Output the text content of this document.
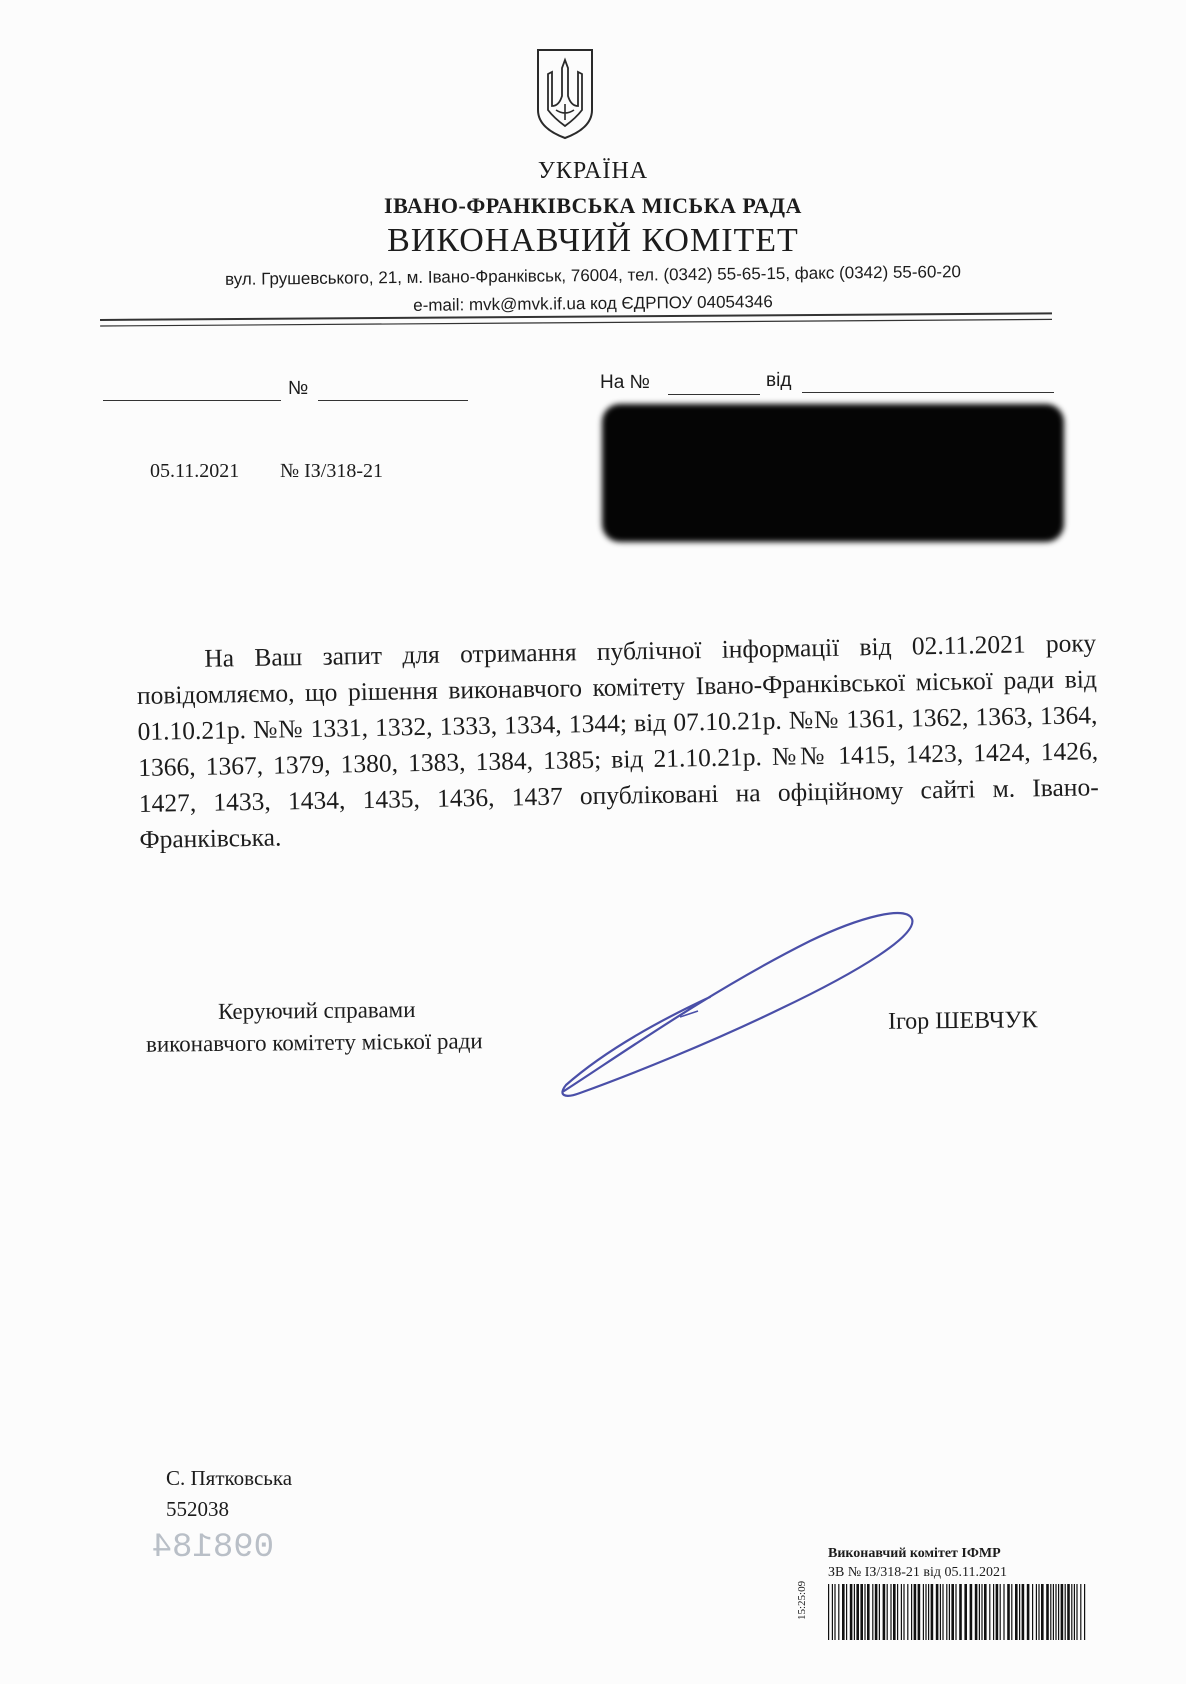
УКРАЇНА
ІВАНО-ФРАНКІВСЬКА МІСЬКА РАДА
ВИКОНАВЧИЙ КОМІТЕТ
вул. Грушевського, 21, м. Івано-Франківськ, 76004, тел. (0342) 55-65-15, факс (0342) 55-60-20
e-mail: mvk@mvk.if.ua код ЄДРПОУ 04054346
№	На №	від
05.11.2021 № ІЗ/318-21
На Ваш запит для отримання публічної інформації від 02.11.2021 року повідомляємо, що рішення виконавчого комітету Івано-Франківської міської ради від 01.10.21р. №№ 1331, 1332, 1333, 1334, 1344; від 07.10.21р. №№ 1361, 1362, 1363, 1364, 1366, 1367, 1379, 1380, 1383, 1384, 1385; від 21.10.21р. №№ 1415, 1423, 1424, 1426, 1427, 1433, 1434, 1435, 1436, 1437 опубліковані на офіційному сайті м. Івано-Франківська.
Керуючий справами
виконавчого комітету міської ради
Ігор ШЕВЧУК
С. Пятковська
552038
098184	Виконавчий комітет ІФМР
ЗВ № ІЗ/318-21 від 05.11.2021
15:25:09
